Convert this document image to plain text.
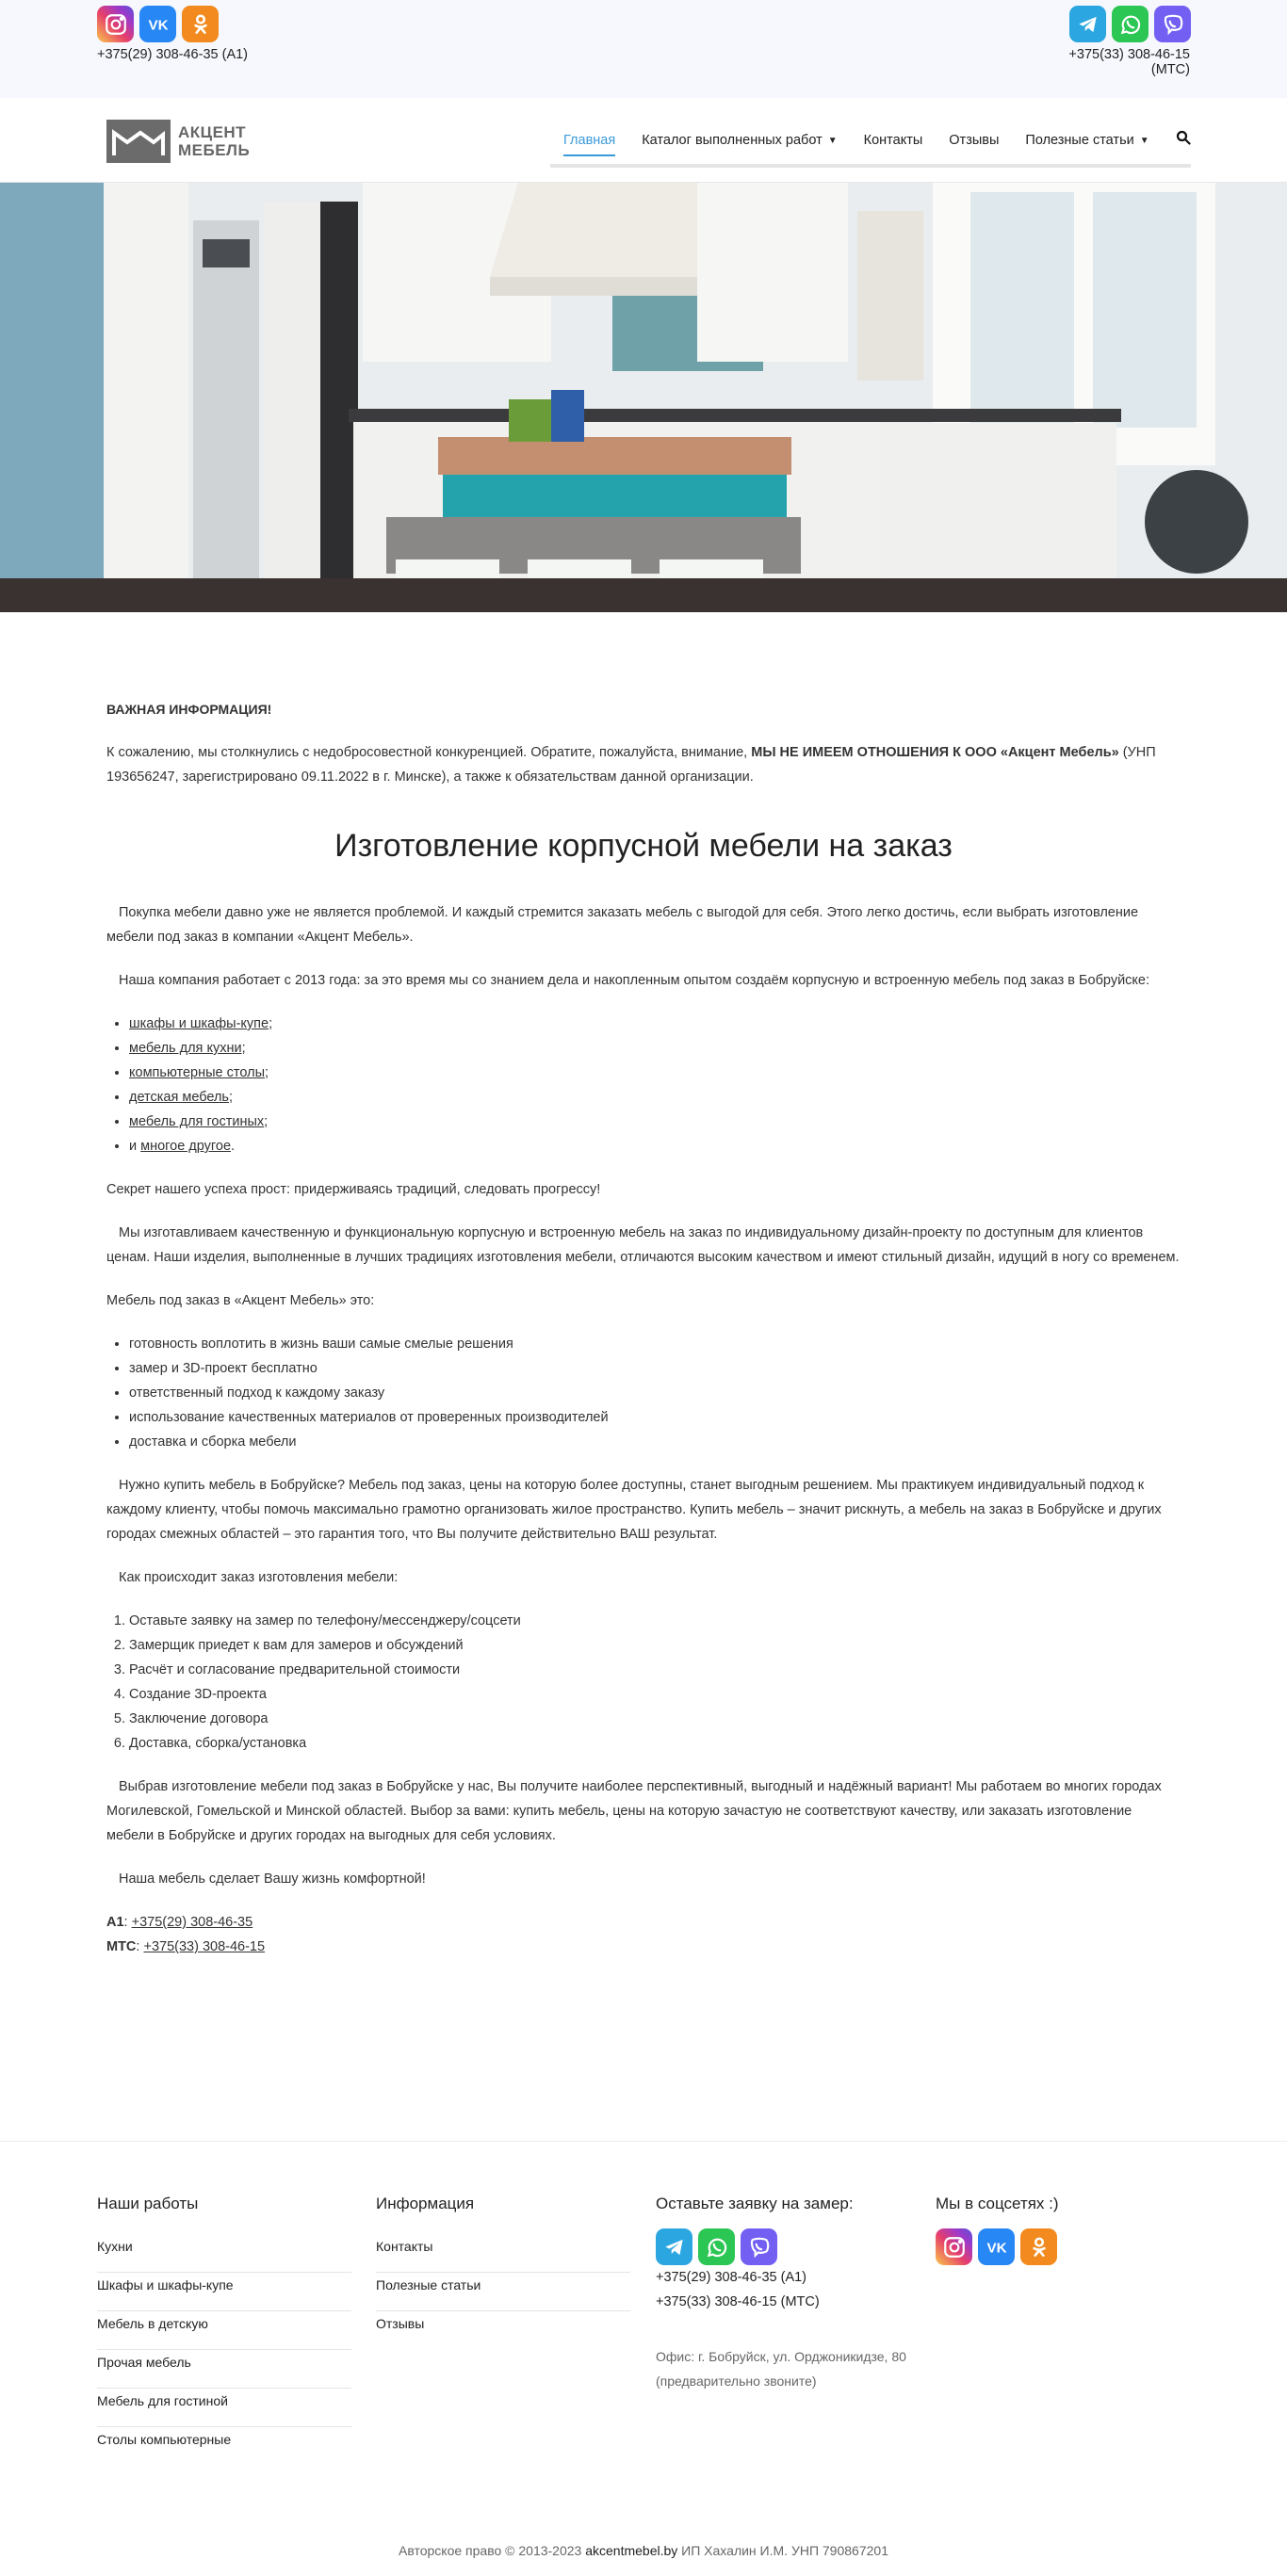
VK
+375(29) 308-46-35 (А1)	+375(33) 308-46-15 (МТС)
АКЦЕНТ
МЕБЕЛЬ
Главная Каталог выполненных работ ▼ Контакты Отзывы Полезные статьи ▼

ВАЖНАЯ ИНФОРМАЦИЯ!

К сожалению, мы столкнулись с недобросовестной конкуренцией. Обратите, пожалуйста, внимание, МЫ НЕ ИМЕЕМ ОТНОШЕНИЯ К ООО «Акцент Мебель» (УНП 193656247, зарегистрировано 09.11.2022 в г. Минске), а также к обязательствам данной организации.

Изготовление корпусной мебели на заказ

Покупка мебели давно уже не является проблемой. И каждый стремится заказать мебель с выгодой для себя. Этого легко достичь, если выбрать изготовление мебели под заказ в компании «Акцент Мебель».

Наша компания работает с 2013 года: за это время мы со знанием дела и накопленным опытом создаём корпусную и встроенную мебель под заказ в Бобруйске:

• шкафы и шкафы-купе;
• мебель для кухни;
• компьютерные столы;
• детская мебель;
• мебель для гостиных;
• и многое другое.

Секрет нашего успеха прост: придерживаясь традиций, следовать прогрессу!

Мы изготавливаем качественную и функциональную корпусную и встроенную мебель на заказ по индивидуальному дизайн-проекту по доступным для клиентов ценам. Наши изделия, выполненные в лучших традициях изготовления мебели, отличаются высоким качеством и имеют стильный дизайн, идущий в ногу со временем.

Мебель под заказ в «Акцент Мебель» это:

• готовность воплотить в жизнь ваши самые смелые решения
• замер и 3D-проект бесплатно
• ответственный подход к каждому заказу
• использование качественных материалов от проверенных производителей
• доставка и сборка мебели

Нужно купить мебель в Бобруйске? Мебель под заказ, цены на которую более доступны, станет выгодным решением. Мы практикуем индивидуальный подход к каждому клиенту, чтобы помочь максимально грамотно организовать жилое пространство. Купить мебель – значит рискнуть, а мебель на заказ в Бобруйске и других городах смежных областей – это гарантия того, что Вы получите действительно ВАШ результат.

Как происходит заказ изготовления мебели:

1. Оставьте заявку на замер по телефону/мессенджеру/соцсети
2. Замерщик приедет к вам для замеров и обсуждений
3. Расчёт и согласование предварительной стоимости
4. Создание 3D-проекта
5. Заключение договора
6. Доставка, сборка/установка

Выбрав изготовление мебели под заказ в Бобруйске у нас, Вы получите наиболее перспективный, выгодный и надёжный вариант! Мы работаем во многих городах Могилевской, Гомельской и Минской областей. Выбор за вами: купить мебель, цены на которую зачастую не соответствуют качеству, или заказать изготовление мебели в Бобруйске и других городах на выгодных для себя условиях.

Наша мебель сделает Вашу жизнь комфортной!

А1: +375(29) 308-46-35

МТС: +375(33) 308-46-15

Наши работы
Кухни
Шкафы и шкафы-купе
Мебель в детскую
Прочая мебель
Мебель для гостиной
Столы компьютерные
Информация
Контакты
Полезные статьи
Отзывы
Оставьте заявку на замер:
+375(29) 308-46-35 (А1)
+375(33) 308-46-15 (МТС)
Офис: г. Бобруйск, ул. Орджоникидзе, 80 (предварительно звоните)
Мы в соцсетях :)
VK
Авторское право © 2013-2023 akcentmebel.by ИП Хахалин И.М. УНП 790867201
